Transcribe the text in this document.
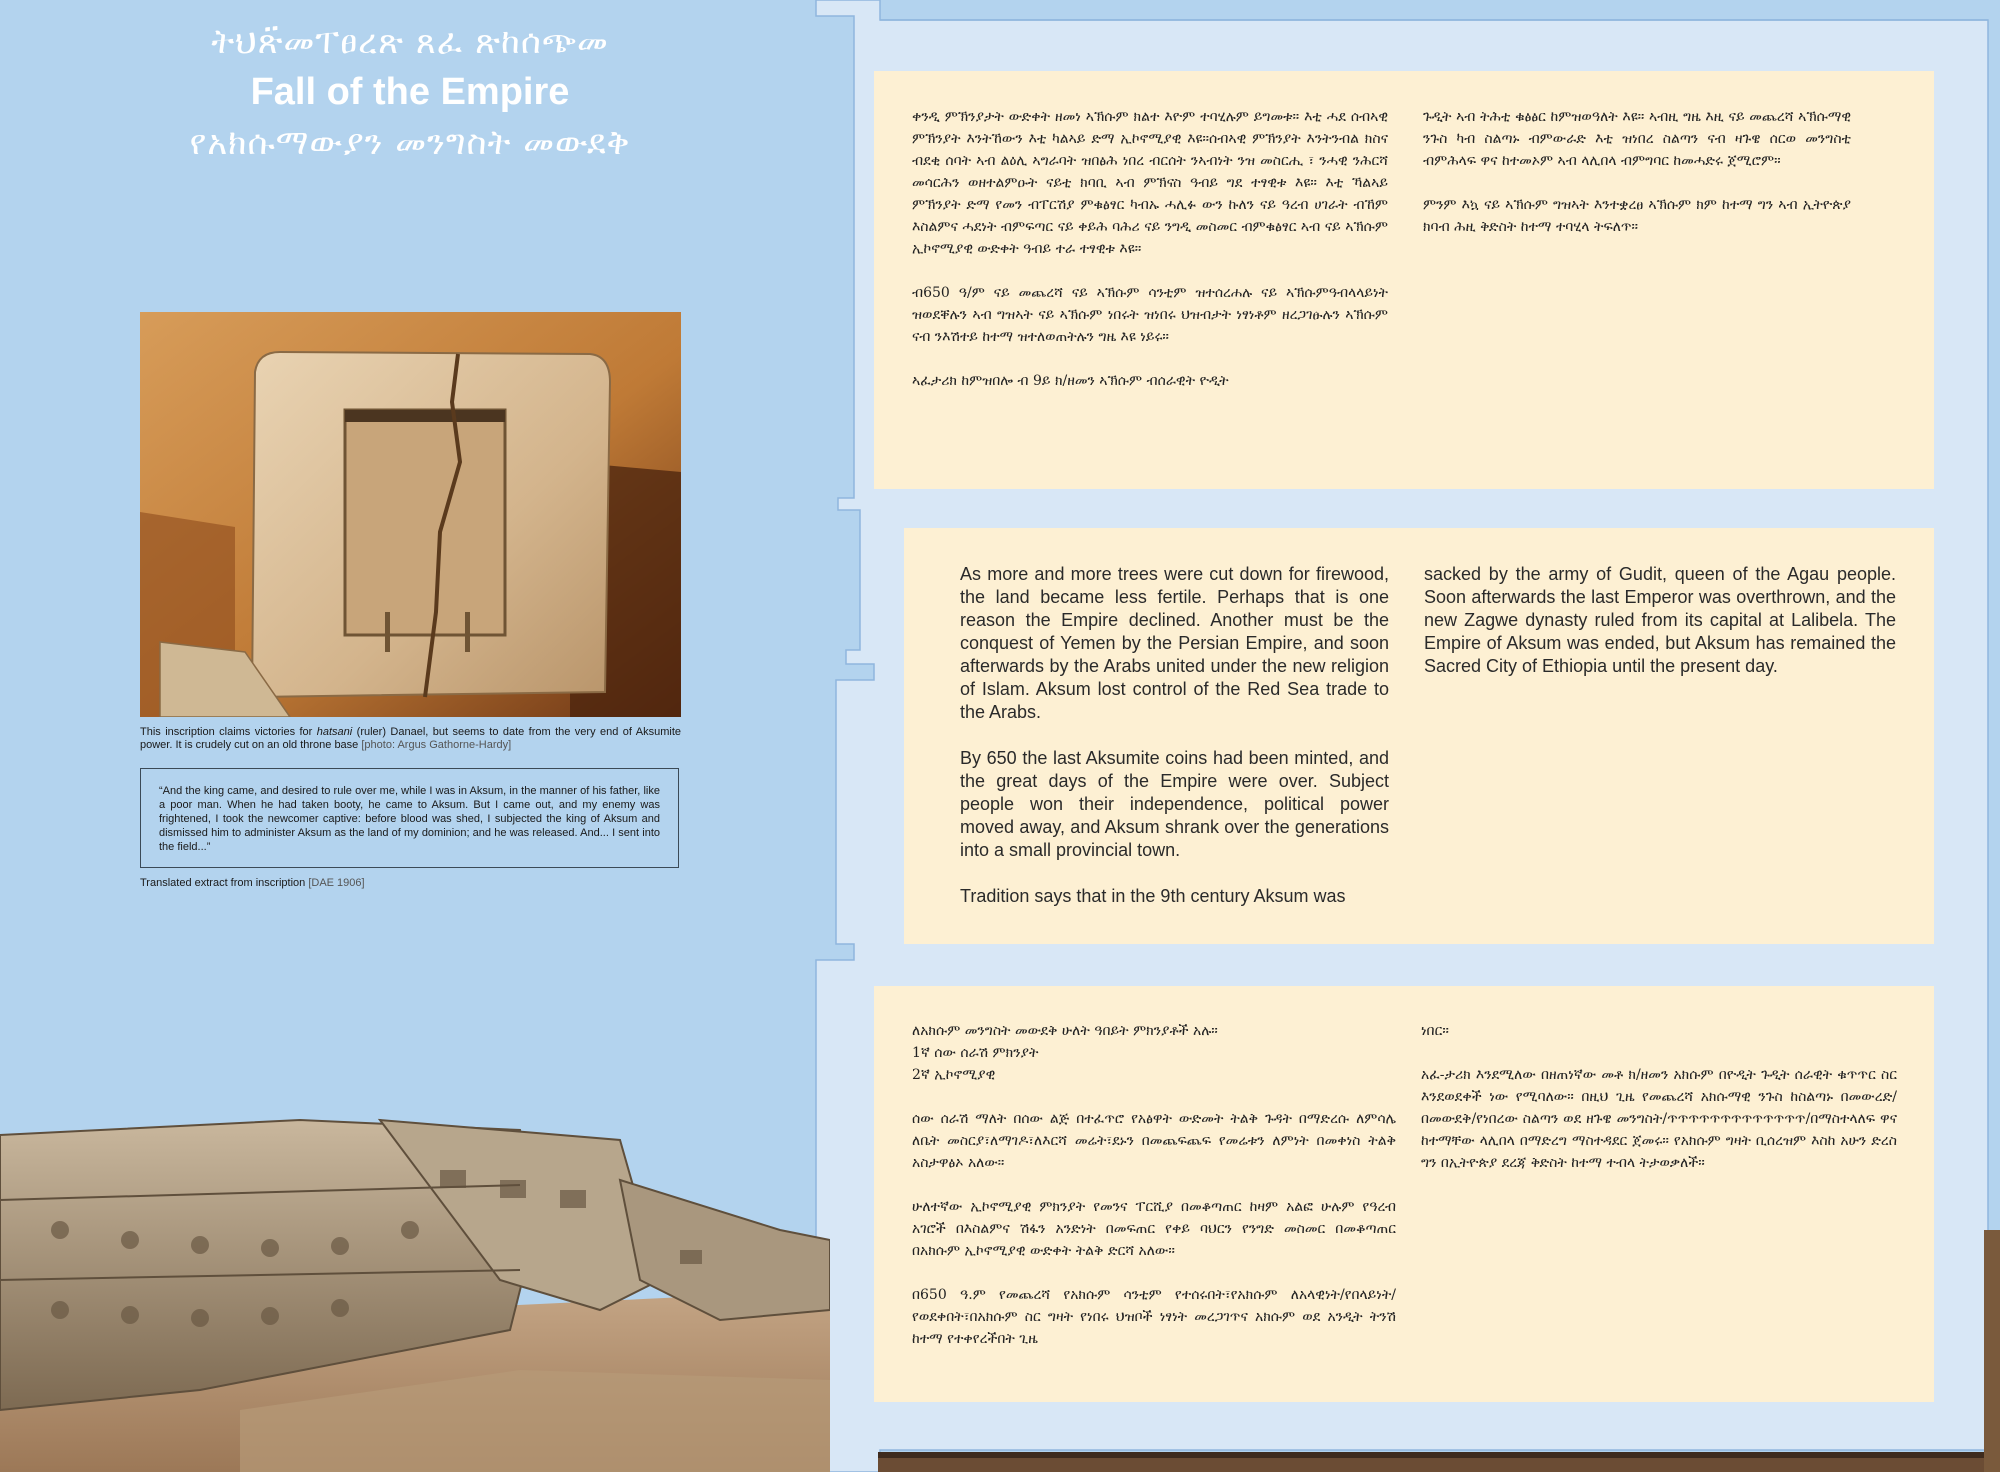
ትህጽ፟መፐፀረጽ ጸፈ ጽከሰጭመ
Fall of the Empire
የአክሱማውያን መንግስት መውደቅ
This inscription claims victories for hatsani (ruler) Danael, but seems to date from the very end of Aksumite power. It is crudely cut on an old throne base [photo: Argus Gathorne-Hardy]
“And the king came, and desired to rule over me, while I was in Aksum, in the manner of his father, like a poor man. When he had taken booty, he came to Aksum. But I came out, and my enemy was frightened, I took the newcomer captive: before blood was shed, I subjected the king of Aksum and dismissed him to administer Aksum as the land of my dominion; and he was released. And... I sent into the field...”
Translated extract from inscription [DAE 1906]

ቀንዲ ምኽንያታት ውድቀት ዘመነ ኣኽሱም ክልተ እዮም ተባሂሉም ይግመቱ። እቲ ሓደ ሰብኣዊ ምኽንያት እንትኸውን እቲ ካልኣይ ድማ ኢኮኖሚያዊ እዩ።ሰብኣዊ ምኽንያት እንትንብል ክስና ብደቂ ሰባት ኣብ ልዕሊ ኣግራባት ዝበፅሕ ነበረ ብርሰት ንኣብነት ንዝ መስርሒ ፣ ንሓዊ ንሕርሻ መሳርሕን ወዘተልምዑት ናይቲ ክባቢ ኣብ ምኽናስ ዓብይ ግደ ተፃዊቱ እዩ። እቲ ኻልኣይ ምኽንያት ድማ የመን ብፐርሽያ ምቁፅፃር ካብኡ ሓሊፉ ውን ኩለን ናይ ዓረብ ሀገራት ብኸም እስልምና ሓደነት ብምፍጣር ናይ ቀይሕ ባሕሪ ናይ ንግዲ መስመር ብምቁፅፃር ኣብ ናይ ኣኽሱም ኢኮኖሚያዊ ውድቀት ዓብይ ተራ ተፃዊቱ እዩ።

ብ650 ዓ/ም ናይ መጨረሻ ናይ ኣኽሱም ሳንቲም ዝተሰረሐሉ ናይ ኣኽሱምዓብላላይነት ዝወደቐሉን ኣብ ግዝኣት ናይ ኣኽሱም ነበሩት ዝነበሩ ህዝብታት ነፃነቶም ዘረጋገፁሉን ኣኽሱም ናብ ንእሽተይ ከተማ ዝተለወጠትሉን ግዜ እዩ ነይሩ።

ኣፈታሪክ ከምዝበሎ ብ 9ይ ክ/ዘመን ኣኽሱም ብሰራዊት ዮዲት

ጉዲት ኣብ ትሕቲ ቁፅፅር ከምዝወዓለት እዩ። ኣብዚ ግዜ እዚ ናይ መጨረሻ ኣኽሱማዊ ንጉስ ካብ ስልጣኑ ብምውራድ እቲ ዝነበረ ስልጣን ናብ ዛጉዌ ሰርወ መንግስቲ ብምሕላፍ ዋና ከተመኦም ኣብ ላሊበላ ብምግባር ከመሓድሩ ጀሚሮም።

ምንም እኳ ናይ ኣኽሱም ግዝኣት እንተቋረፀ ኣኽሱም ክም ከተማ ግን ኣብ ኢትዮጵያ ክባብ ሕዚ ቅድስት ከተማ ተባሂላ ትፍለጥ።

As more and more trees were cut down for firewood, the land became less fertile. Perhaps that is one reason the Empire declined. Another must be the conquest of Yemen by the Persian Empire, and soon afterwards by the Arabs united under the new religion of Islam. Aksum lost control of the Red Sea trade to the Arabs.

By 650 the last Aksumite coins had been minted, and the great days of the Empire were over. Subject people won their independence, political power moved away, and Aksum shrank over the generations into a small provincial town.

Tradition says that in the 9th century Aksum was

sacked by the army of Gudit, queen of the Agau people. Soon afterwards the last Emperor was overthrown, and the new Zagwe dynasty ruled from its capital at Lalibela. The Empire of Aksum was ended, but Aksum has remained the Sacred City of Ethiopia until the present day.

ለአክሱም መንግስት መውደቅ ሁለት ዓበይት ምክንያቶች አሉ።
1ኛ ሰው ሰራሽ ምክንያት
2ኛ ኢኮኖሚያዊ

ሰው ሰራሽ ማለት በሰው ልጅ በተፈጥሮ የአፅዋት ውድመት ትልቅ ጉዳት በማድረሱ ለምሳሌ ለቤት መስርያ፣ለማገዶ፣ለእርሻ መሬት፣ደኑን በመጨፍጨፍ የመሬቱን ለምነት በመቀነስ ትልቅ አስታዋፅኦ አለው።

ሁለተኛው ኢኮኖሚያዊ ምክንያት የመንና ፐርሺያ በመቆጣጠር ከዛም አልፎ ሁሉም የዓረብ አገሮች በእስልምና ሽፋን አንድነት በመፍጠር የቀይ ባህርን የንግድ መስመር በመቆጣጠር በአክሱም ኢኮኖሚያዊ ውድቀት ትልቅ ድርሻ አለው።

በ650 ዓ.ም የመጨረሻ የአክሱም ሳንቲም የተሰሩበት፣የአክሱም ለአላዊነት/የበላይነት/ የወደቀበት፣በአክሱም ስር ግዛት የነበሩ ህዝቦች ነፃነት መረጋገጥና አክሱም ወደ አንዲት ትንሽ ከተማ የተቀየረችበት ጊዜ

ነበር።

አፈ-ታሪክ እንደሚለው በዘጠነኛው መቶ ክ/ዘመን አክሱም በዮዲት ጉዲት ሰራዊት ቁጥጥር ስር እንደወደቀች ነው የሚባለው። በዚህ ጊዜ የመጨረሻ አክሱማዊ ንጉስ ከስልጣኑ በመውረድ/በመውደቅ/የነበረው ስልጣን ወደ ዘጉዌ መንግስት/ጥጥጥጥጥጥጥጥጥጥጥጥጥ/በማስተላለፍ ዋና ከተማቸው ላሊበላ በማድረግ ማስተዳደር ጀመሩ። የአክሱም ግዛት ቢሰረዝም እስከ አሁን ድረስ ግን በኢትዮጵያ ደረጃ ቅድስት ከተማ ተብላ ትታወቃለች።
